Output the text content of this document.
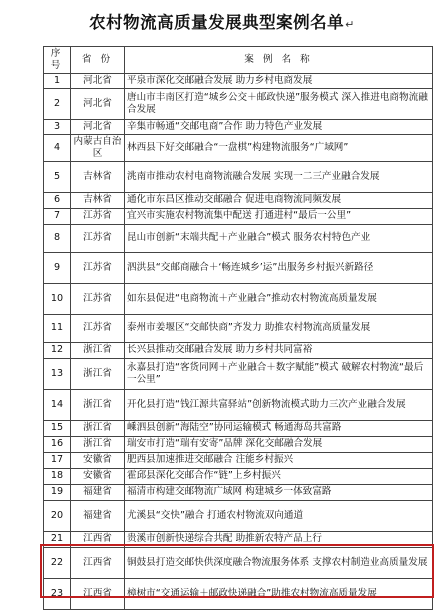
农村物流高质量发展典型案例名单↵
序号	省 份	案 例 名 称
1	河北省	平泉市深化交邮融合发展 助力乡村电商发展
2	河北省	唐山市丰南区打造“城乡公交＋邮政快递”服务模式 深入推进电商物流融合发展
3	河北省	辛集市畅通“交邮电商”合作 助力特色产业发展
4	内蒙古自治区	林西县下好交邮融合“一盘棋”构建物流服务“广域网”
5	吉林省	洮南市推动农村电商物流融合发展 实现一二三产业融合发展
6	吉林省	通化市东昌区推动交邮融合 促进电商物流同频发展
7	江苏省	宜兴市实施农村物流集中配送 打通进村“最后一公里”
8	江苏省	昆山市创新“末端共配＋产业融合”模式 服务农村特色产业
9	江苏省	泗洪县“交邮商融合＋‘畅连城乡’运”出服务乡村振兴新路径
10	江苏省	如东县促进“电商物流＋产业融合”推动农村物流高质量发展
11	江苏省	泰州市姜堰区“交邮快商”齐发力 助推农村物流高质量发展
12	浙江省	长兴县推动交邮融合发展 助力乡村共同富裕
13	浙江省	永嘉县打造“客货同网＋产业融合＋数字赋能”模式 破解农村物流“最后一公里”
14	浙江省	开化县打造“钱江源共富驿站”创新物流模式助力三次产业融合发展
15	浙江省	嵊泗县创新“海陆空”协同运输模式 畅通海岛共富路
16	浙江省	瑞安市打造“瑞有安寄”品牌 深化交邮融合发展
17	安徽省	肥西县加速推进交邮融合 注能乡村振兴
18	安徽省	霍邱县深化交邮合作“链”上乡村振兴
19	福建省	福清市构建交邮物流广域网 构建城乡一体致富路
20	福建省	尤溪县“交快”融合 打通农村物流双向通道
21	江西省	贵溪市创新快递综合共配 助推新农特产品上行
22	江西省	铜鼓县打造交邮快供深度融合物流服务体系 支撑农村制造业高质量发展
23	江西省	樟树市“交通运输＋邮政快递融合”助推农村物流高质量发展
